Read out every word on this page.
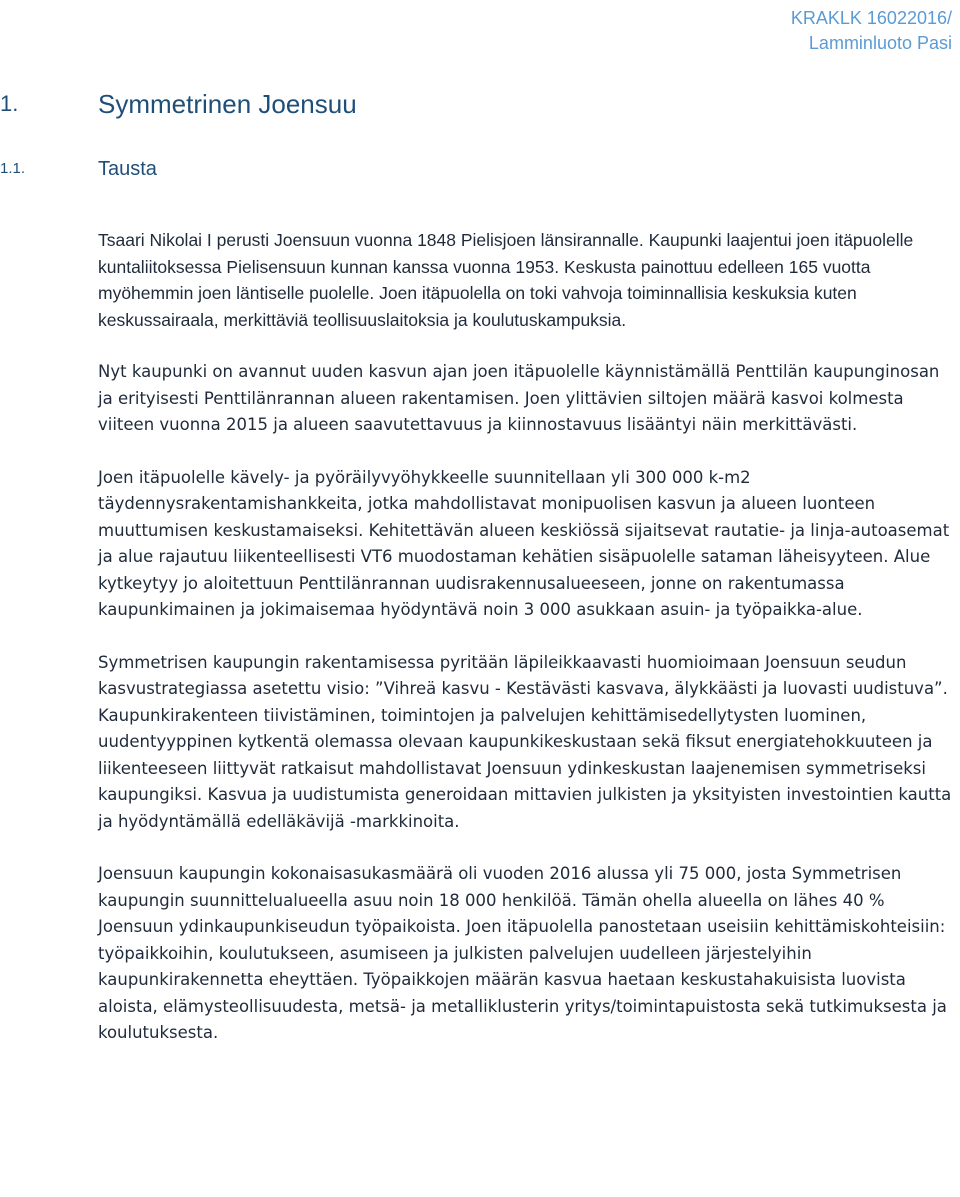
KRAKLK 16022016/
Lamminluoto Pasi
1.	Symmetrinen Joensuu
1.1.	Tausta

Tsaari Nikolai I perusti Joensuun vuonna 1848 Pielisjoen länsirannalle. Kaupunki laajentui joen itäpuolelle kuntaliitoksessa Pielisensuun kunnan kanssa vuonna 1953. Keskusta painottuu edelleen 165 vuotta myöhemmin joen läntiselle puolelle. Joen itäpuolella on toki vahvoja toiminnallisia keskuksia kuten keskussairaala, merkittäviä teollisuuslaitoksia ja koulutuskampuksia.

Nyt kaupunki on avannut uuden kasvun ajan joen itäpuolelle käynnistämällä Penttilän kaupunginosan ja erityisesti Penttilänrannan alueen rakentamisen. Joen ylittävien siltojen määrä kasvoi kolmesta viiteen vuonna 2015 ja alueen saavutettavuus ja kiinnostavuus lisääntyi näin merkittävästi.

Joen itäpuolelle kävely- ja pyöräilyvyöhykkeelle suunnitellaan yli 300 000 k-m2 täydennysrakentamishankkeita, jotka mahdollistavat monipuolisen kasvun ja alueen luonteen muuttumisen keskustamaiseksi. Kehitettävän alueen keskiössä sijaitsevat rautatie- ja linja-autoasemat ja alue rajautuu liikenteellisesti VT6 muodostaman kehätien sisäpuolelle sataman läheisyyteen. Alue kytkeytyy jo aloitettuun Penttilänrannan uudisrakennusalueeseen, jonne on rakentumassa kaupunkimainen ja jokimaisemaa hyödyntävä noin 3 000 asukkaan asuin- ja työpaikka-alue.

Symmetrisen kaupungin rakentamisessa pyritään läpileikkaavasti huomioimaan Joensuun seudun kasvustrategiassa asetettu visio: ”Vihreä kasvu - Kestävästi kasvava, älykkäästi ja luovasti uudistuva”. Kaupunkirakenteen tiivistäminen, toimintojen ja palvelujen kehittämisedellytysten luominen, uudentyyppinen kytkentä olemassa olevaan kaupunkikeskustaan sekä fiksut energiatehokkuuteen ja liikenteeseen liittyvät ratkaisut mahdollistavat Joensuun ydinkeskustan laajenemisen symmetriseksi kaupungiksi. Kasvua ja uudistumista generoidaan mittavien julkisten ja yksityisten investointien kautta ja hyödyntämällä edelläkävijä -markkinoita.

Joensuun kaupungin kokonaisasukasmäärä oli vuoden 2016 alussa yli 75 000, josta Symmetrisen kaupungin suunnittelualueella asuu noin 18 000 henkilöä. Tämän ohella alueella on lähes 40 % Joensuun ydinkaupunkiseudun työpaikoista. Joen itäpuolella panostetaan useisiin kehittämiskohteisiin: työpaikkoihin, koulutukseen, asumiseen ja julkisten palvelujen uudelleen järjestelyihin kaupunkirakennetta eheyttäen. Työpaikkojen määrän kasvua haetaan keskustahakuisista luovista aloista, elämysteollisuudesta, metsä- ja metalliklusterin yritys/toimintapuistosta sekä tutkimuksesta ja koulutuksesta.
